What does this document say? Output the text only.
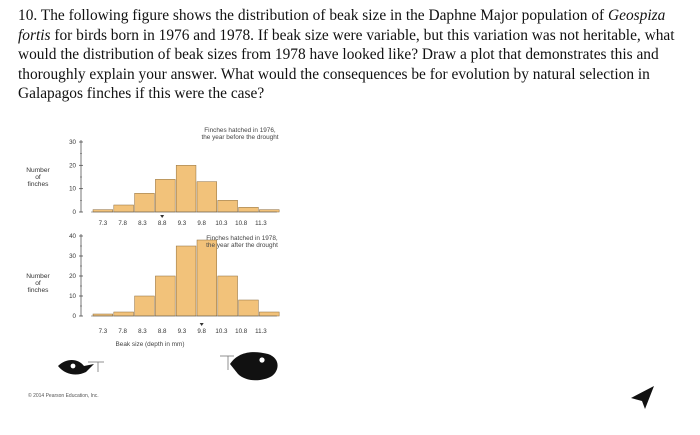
10. The following figure shows the distribution of beak size in the Daphne Major population of Geospiza fortis for birds born in 1976 and 1978. If beak size were variable, but this variation was not heritable, what would the distribution of beak sizes from 1978 have looked like? Draw a plot that demonstrates this and thoroughly explain your answer. What would the consequences be for evolution by natural selection in Galapagos finches if this were the case?

0
10
20
30
Number
of
finches
7.3 7.8 8.3 8.8 9.3 9.8 10.3 10.8 11.3
Finches hatched in 1976,
the year before the drought
0
10
20
30
40
Number
of
finches
7.3 7.8 8.3 8.8 9.3 9.8 10.3 10.8 11.3
Finches hatched in 1978,
the year after the drought
Beak size (depth in mm)
© 2014 Pearson Education, Inc.
